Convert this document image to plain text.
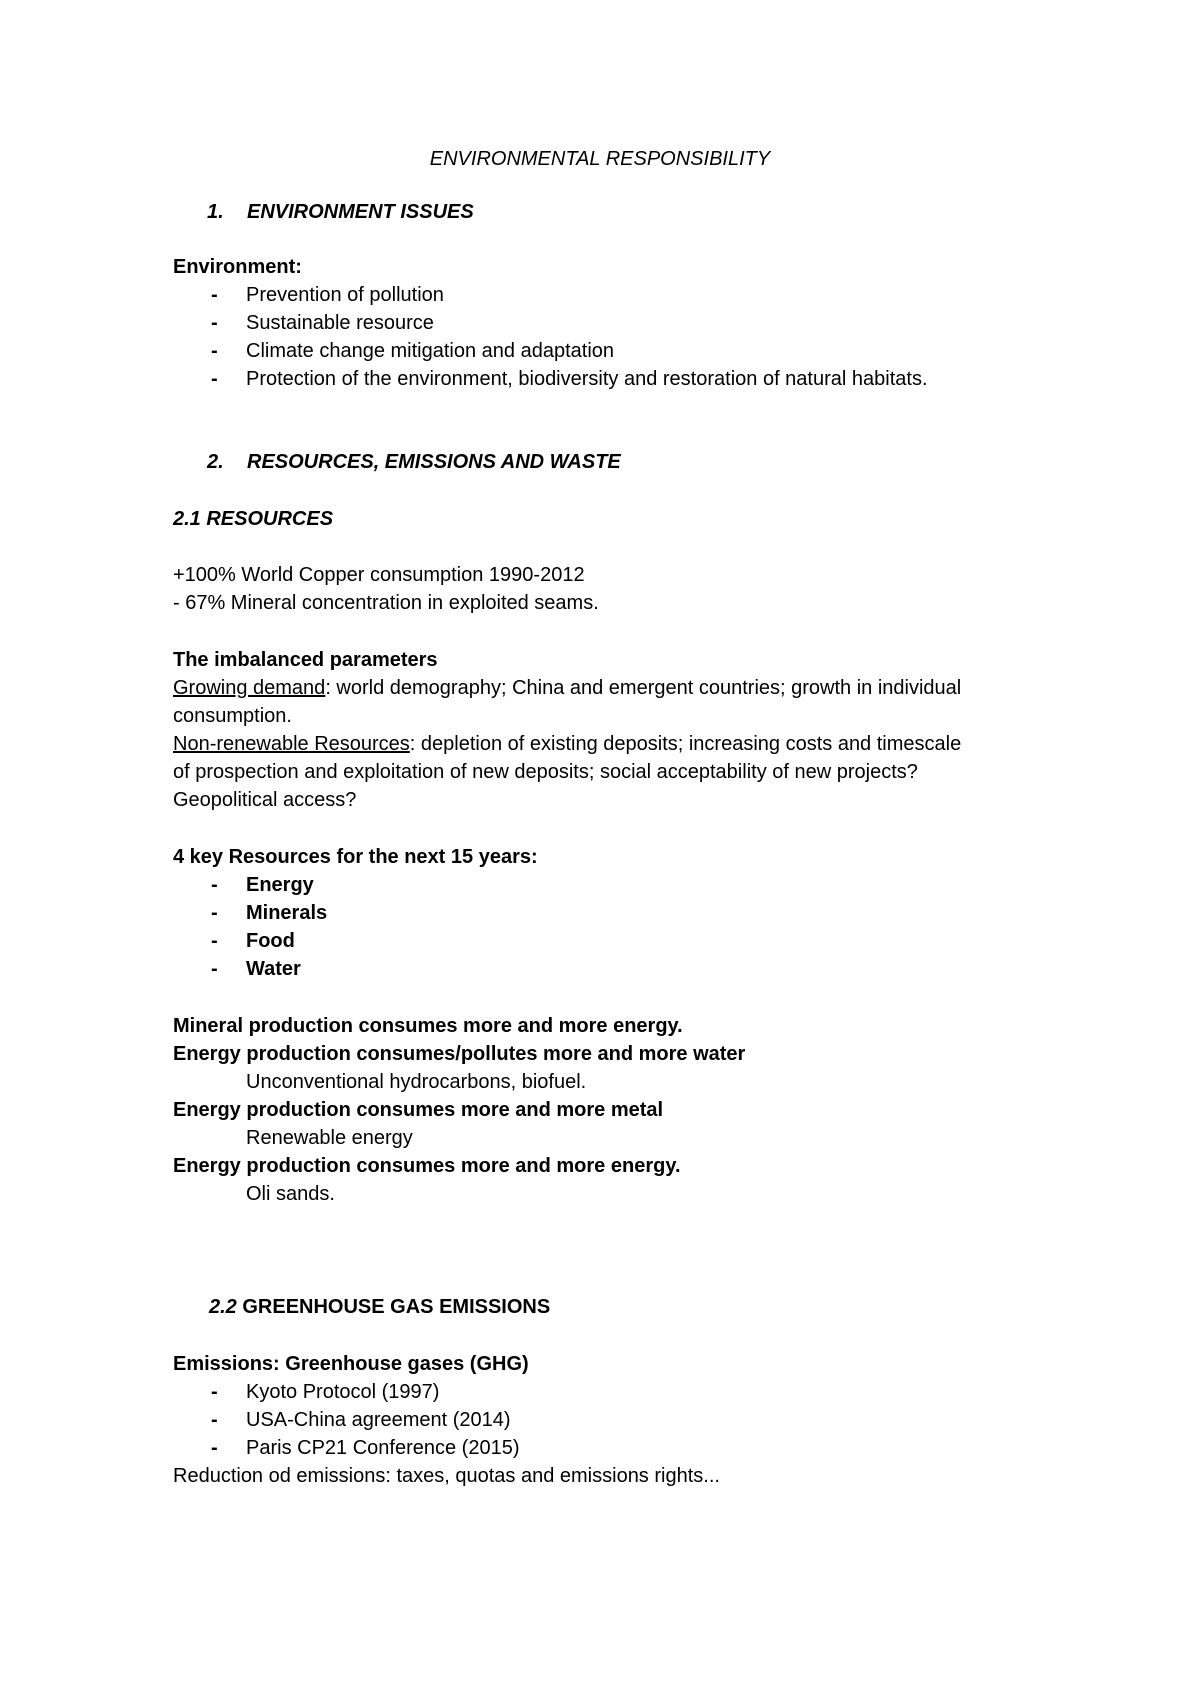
ENVIRONMENTAL RESPONSIBILITY
1. ENVIRONMENT ISSUES
Environment:
- Prevention of pollution
- Sustainable resource
- Climate change mitigation and adaptation
- Protection of the environment, biodiversity and restoration of natural habitats.
2. RESOURCES, EMISSIONS AND WASTE
2.1 RESOURCES
+100% World Copper consumption 1990-2012
- 67% Mineral concentration in exploited seams.
The imbalanced parameters
Growing demand: world demography; China and emergent countries; growth in individual
consumption.
Non-renewable Resources: depletion of existing deposits; increasing costs and timescale
of prospection and exploitation of new deposits; social acceptability of new projects?
Geopolitical access?
4 key Resources for the next 15 years:
- Energy
- Minerals
- Food
- Water
Mineral production consumes more and more energy.
Energy production consumes/pollutes more and more water
Unconventional hydrocarbons, biofuel.
Energy production consumes more and more metal
Renewable energy
Energy production consumes more and more energy.
Oli sands.
2.2 GREENHOUSE GAS EMISSIONS
Emissions: Greenhouse gases (GHG)
- Kyoto Protocol (1997)
- USA-China agreement (2014)
- Paris CP21 Conference (2015)
Reduction od emissions: taxes, quotas and emissions rights...
